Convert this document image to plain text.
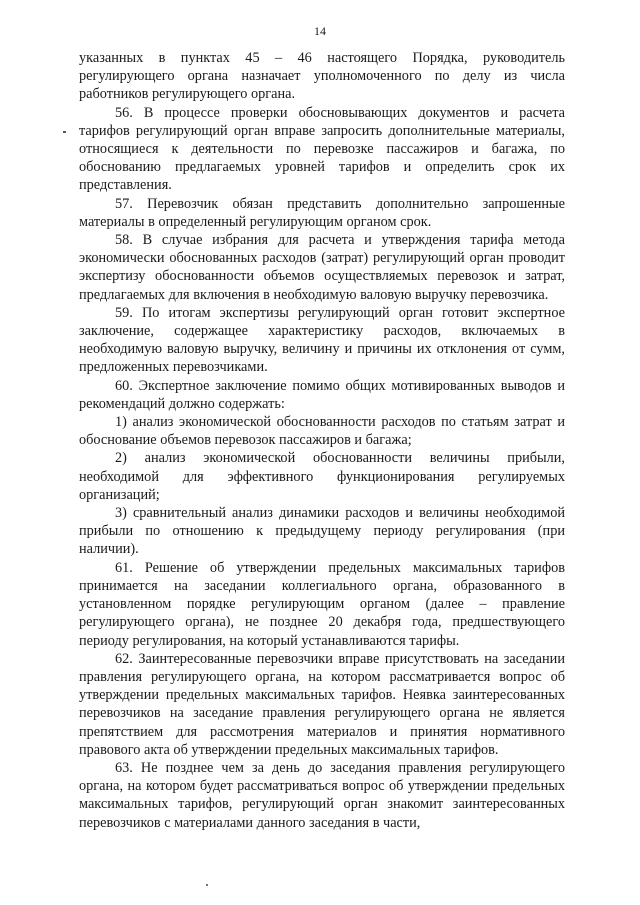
14

указанных в пунктах 45 – 46 настоящего Порядка, руководитель регулирующего органа назначает уполномоченного по делу из числа работников регулирующего органа.

56. В процессе проверки обосновывающих документов и расчета тарифов регулирующий орган вправе запросить дополнительные материалы, относящиеся к деятельности по перевозке пассажиров и багажа, по обоснованию предлагаемых уровней тарифов и определить срок их представления.

57. Перевозчик обязан представить дополнительно запрошенные материалы в определенный регулирующим органом срок.

58. В случае избрания для расчета и утверждения тарифа метода экономически обоснованных расходов (затрат) регулирующий орган проводит экспертизу обоснованности объемов осуществляемых перевозок и затрат, предлагаемых для включения в необходимую валовую выручку перевозчика.

59. По итогам экспертизы регулирующий орган готовит экспертное заключение, содержащее характеристику расходов, включаемых в необходимую валовую выручку, величину и причины их отклонения от сумм, предложенных перевозчиками.

60. Экспертное заключение помимо общих мотивированных выводов и рекомендаций должно содержать:

1) анализ экономической обоснованности расходов по статьям затрат и обоснование объемов перевозок пассажиров и багажа;

2) анализ экономической обоснованности величины прибыли, необходимой для эффективного функционирования регулируемых организаций;

3) сравнительный анализ динамики расходов и величины необходимой прибыли по отношению к предыдущему периоду регулирования (при наличии).

61. Решение об утверждении предельных максимальных тарифов принимается на заседании коллегиального органа, образованного в установленном порядке регулирующим органом (далее – правление регулирующего органа), не позднее 20 декабря года, предшествующего периоду регулирования, на который устанавливаются тарифы.

62. Заинтересованные перевозчики вправе присутствовать на заседании правления регулирующего органа, на котором рассматривается вопрос об утверждении предельных максимальных тарифов. Неявка заинтересованных перевозчиков на заседание правления регулирующего органа не является препятствием для рассмотрения материалов и принятия нормативного правового акта об утверждении предельных максимальных тарифов.

63. Не позднее чем за день до заседания правления регулирующего органа, на котором будет рассматриваться вопрос об утверждении предельных максимальных тарифов, регулирующий орган знакомит заинтересованных перевозчиков с материалами данного заседания в части,
